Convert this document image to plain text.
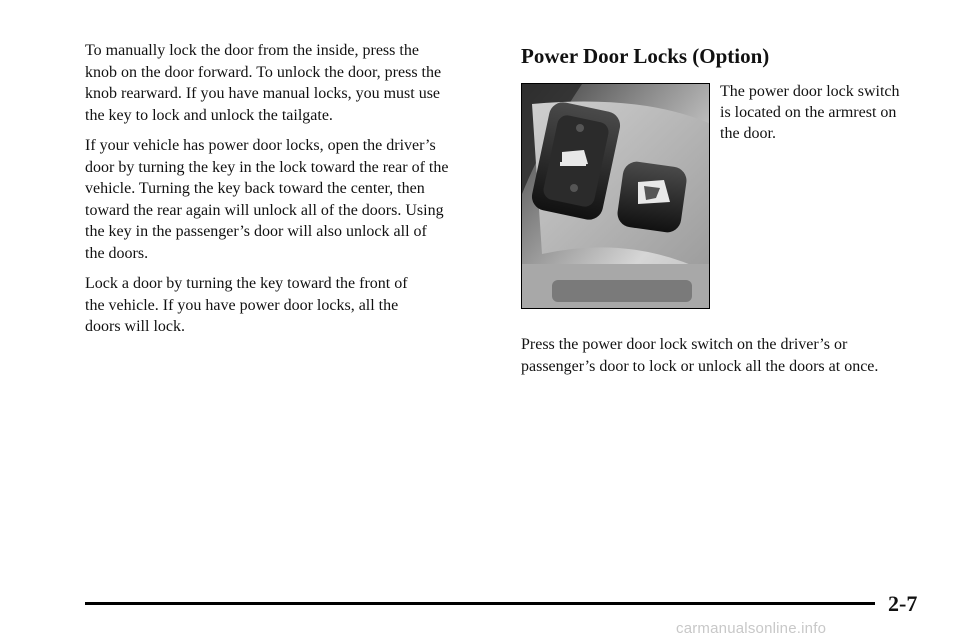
To manually lock the door from the inside, press the
knob on the door forward. To unlock the door, press the
knob rearward. If you have manual locks, you must use
the key to lock and unlock the tailgate.

If your vehicle has power door locks, open the driver’s
door by turning the key in the lock toward the rear of the
vehicle. Turning the key back toward the center, then
toward the rear again will unlock all of the doors. Using
the key in the passenger’s door will also unlock all of
the doors.

Lock a door by turning the key toward the front of
the vehicle. If you have power door locks, all the
doors will lock.

Power Door Locks (Option)

The power door lock switch
is located on the armrest on
the door.

Press the power door lock switch on the driver’s or
passenger’s door to lock or unlock all the doors at once.

2-7
carmanualsonline.info
